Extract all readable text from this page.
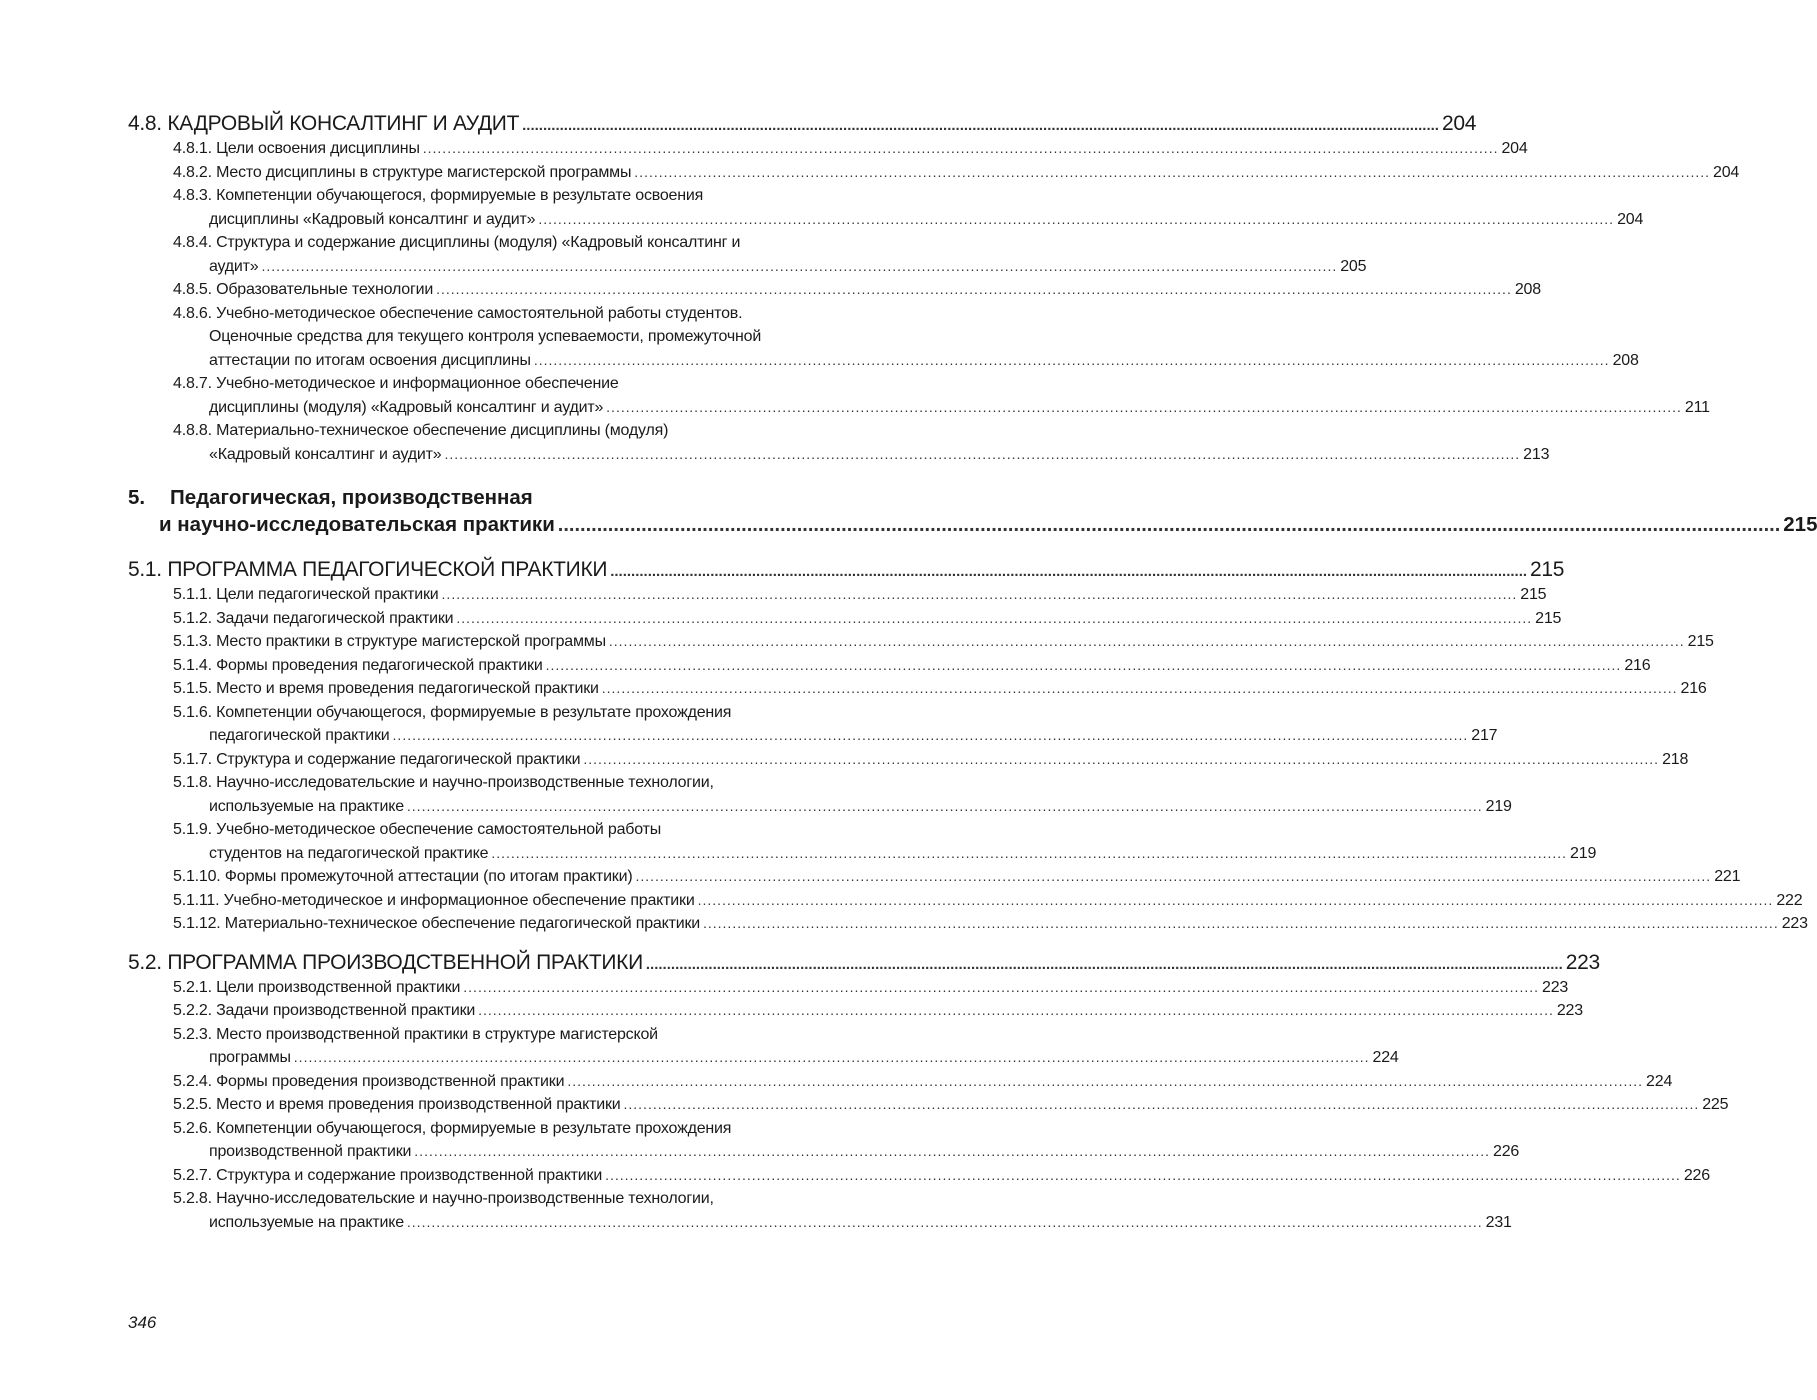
4.8. КАДРОВЫЙ КОНСАЛТИНГ И АУДИТ ............................................................................................................................................................................................................................ 204
4.8.1. Цели освоения дисциплины ............................................................................................................................................................................................................................ 204
4.8.2. Место дисциплины в структуре магистерской программы ............................................................................................................................................................................................................................ 204
4.8.3. Компетенции обучающегося, формируемые в результате освоения
дисциплины «Кадровый консалтинг и аудит» ............................................................................................................................................................................................................................ 204
4.8.4. Структура и содержание дисциплины (модуля) «Кадровый консалтинг и
аудит» ............................................................................................................................................................................................................................ 205
4.8.5. Образовательные технологии ............................................................................................................................................................................................................................ 208
4.8.6. Учебно-методическое обеспечение самостоятельной работы студентов.
Оценочные средства для текущего контроля успеваемости, промежуточной
аттестации по итогам освоения дисциплины ............................................................................................................................................................................................................................ 208
4.8.7. Учебно-методическое и информационное обеспечение
дисциплины (модуля) «Кадровый консалтинг и аудит» ............................................................................................................................................................................................................................ 211
4.8.8. Материально-техническое обеспечение дисциплины (модуля)
«Кадровый консалтинг и аудит» ............................................................................................................................................................................................................................ 213
5. Педагогическая, производственная
и научно-исследовательская практики ............................................................................................................................................................................................................................ 215
5.1. ПРОГРАММА ПЕДАГОГИЧЕСКОЙ ПРАКТИКИ ............................................................................................................................................................................................................................ 215
5.1.1. Цели педагогической практики ............................................................................................................................................................................................................................ 215
5.1.2. Задачи педагогической практики ............................................................................................................................................................................................................................ 215
5.1.3. Место практики в структуре магистерской программы ............................................................................................................................................................................................................................ 215
5.1.4. Формы проведения педагогической практики ............................................................................................................................................................................................................................ 216
5.1.5. Место и время проведения педагогической практики ............................................................................................................................................................................................................................ 216
5.1.6. Компетенции обучающегося, формируемые в результате прохождения
педагогической практики ............................................................................................................................................................................................................................ 217
5.1.7. Структура и содержание педагогической практики ............................................................................................................................................................................................................................ 218
5.1.8. Научно-исследовательские и научно-производственные технологии,
используемые на практике ............................................................................................................................................................................................................................ 219
5.1.9. Учебно-методическое обеспечение самостоятельной работы
студентов на педагогической практике ............................................................................................................................................................................................................................ 219
5.1.10. Формы промежуточной аттестации (по итогам практики) ............................................................................................................................................................................................................................ 221
5.1.11. Учебно-методическое и информационное обеспечение практики ............................................................................................................................................................................................................................ 222
5.1.12. Материально-техническое обеспечение педагогической практики ............................................................................................................................................................................................................................ 223
5.2. ПРОГРАММА ПРОИЗВОДСТВЕННОЙ ПРАКТИКИ ............................................................................................................................................................................................................................ 223
5.2.1. Цели производственной практики ............................................................................................................................................................................................................................ 223
5.2.2. Задачи производственной практики ............................................................................................................................................................................................................................ 223
5.2.3. Место производственной практики в структуре магистерской
программы ............................................................................................................................................................................................................................ 224
5.2.4. Формы проведения производственной практики ............................................................................................................................................................................................................................ 224
5.2.5. Место и время проведения производственной практики ............................................................................................................................................................................................................................ 225
5.2.6. Компетенции обучающегося, формируемые в результате прохождения
производственной практики ............................................................................................................................................................................................................................ 226
5.2.7. Структура и содержание производственной практики ............................................................................................................................................................................................................................ 226
5.2.8. Научно-исследовательские и научно-производственные технологии,
используемые на практике ............................................................................................................................................................................................................................ 231
346
